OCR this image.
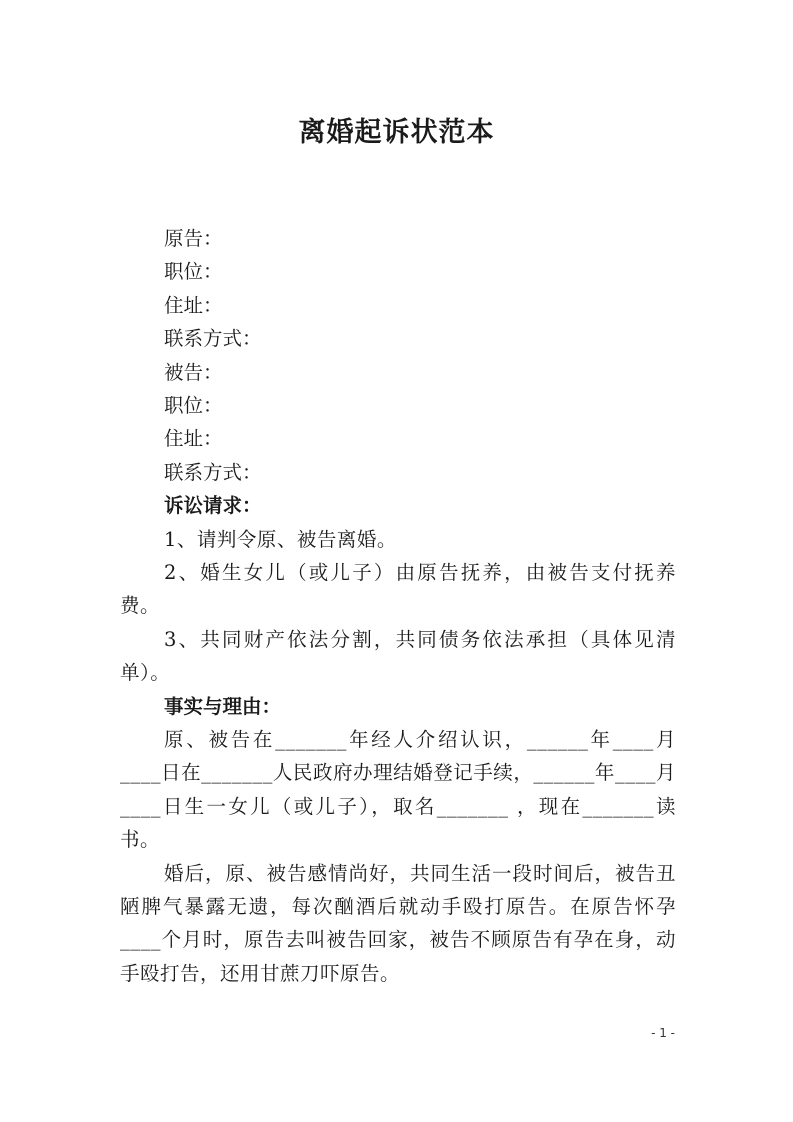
离婚起诉状范本
原告：
职位：
住址：
联系方式：
被告：
职位：
住址：
联系方式：
诉讼请求：

1、请判令原、被告离婚。

2、婚生女儿（或儿子）由原告抚养，由被告支付抚养费。

3、共同财产依法分割，共同债务依法承担（具体见清单）。

事实与理由：

原、被告在_______年经人介绍认识，______年____月____日在_______人民政府办理结婚登记手续，______年____月____日生一女儿（或儿子），取名_______ ，现在_______读书。

婚后，原、被告感情尚好，共同生活一段时间后，被告丑陋脾气暴露无遗，每次酗酒后就动手殴打原告。在原告怀孕____个月时，原告去叫被告回家，被告不顾原告有孕在身，动手殴打告，还用甘蔗刀吓原告。

- 1 -
